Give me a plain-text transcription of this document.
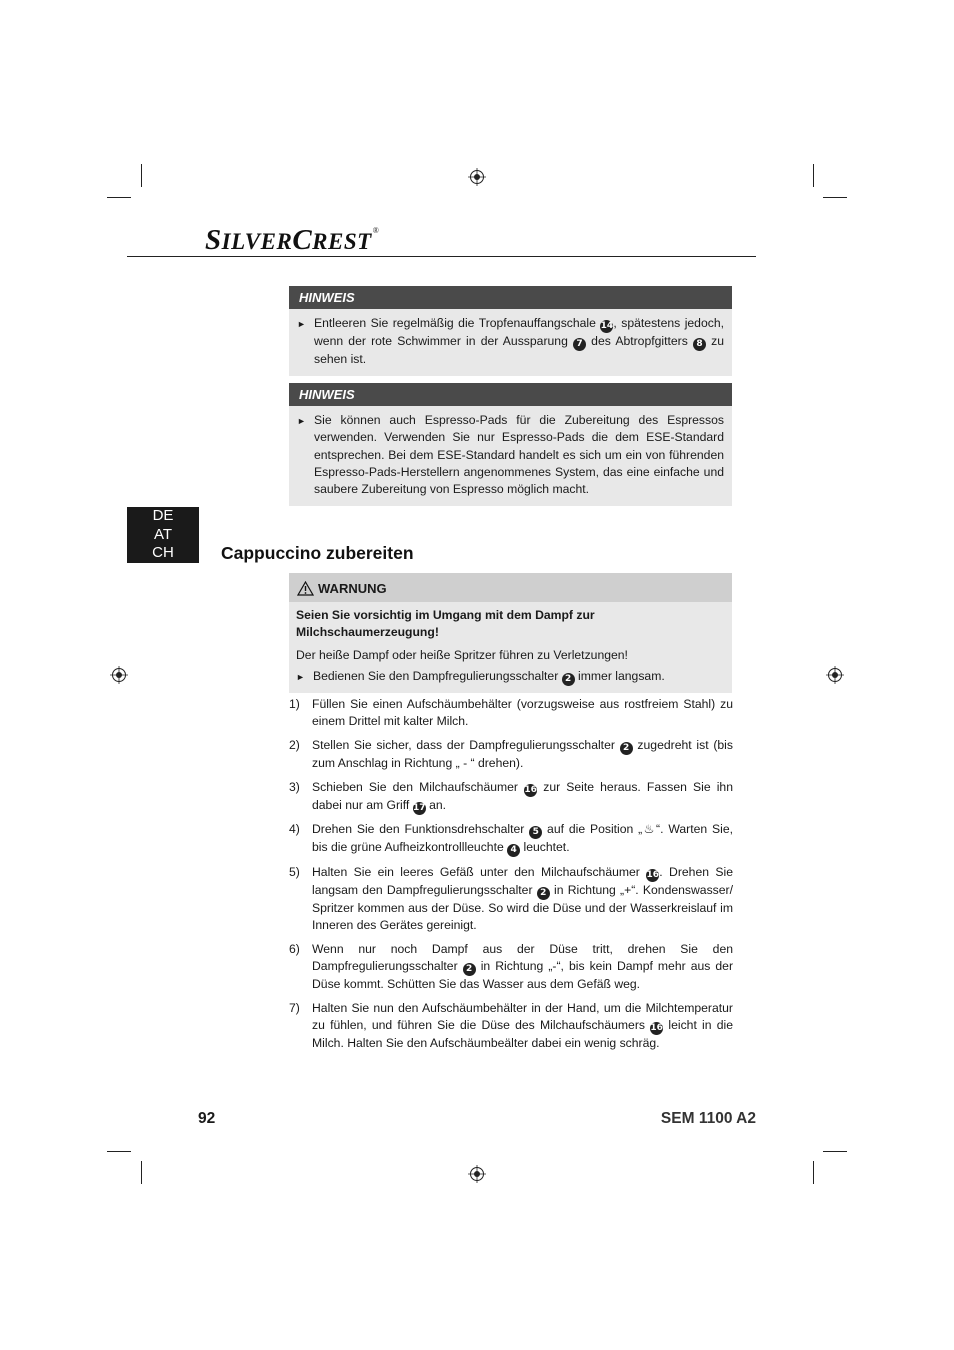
SILVERCREST®
HINWEIS
► Entleeren Sie regelmäßig die Tropfenauffangschale 14, spätestens jedoch, wenn der rote Schwimmer in der Aussparung 7 des Abtropfgitters 8 zu sehen ist.
HINWEIS
► Sie können auch Espresso-Pads für die Zubereitung des Espressos verwenden. Verwenden Sie nur Espresso-Pads die dem ESE-Standard entsprechen. Bei dem ESE-Standard handelt es sich um ein von führenden Espresso-Pads-Herstellern angenommenes System, das eine einfache und saubere Zubereitung von Espresso möglich macht.
DE
AT
CH	Cappuccino zubereiten
WARNUNG
Seien Sie vorsichtig im Umgang mit dem Dampf zur Milchschaumerzeugung!
Der heiße Dampf oder heiße Spritzer führen zu Verletzungen!
► Bedienen Sie den Dampfregulierungsschalter 2 immer langsam.
1) Füllen Sie einen Aufschäumbehälter (vorzugsweise aus rostfreiem Stahl) zu einem Drittel mit kalter Milch.
2) Stellen Sie sicher, dass der Dampfregulierungsschalter 2 zugedreht ist (bis zum Anschlag in Richtung „ - “ drehen).
3) Schieben Sie den Milchaufschäumer 16 zur Seite heraus. Fassen Sie ihn dabei nur am Griff 17 an.
4) Drehen Sie den Funktionsdrehschalter 5 auf die Position „♨“. Warten Sie, bis die grüne Aufheizkontrollleuchte 4 leuchtet.
5) Halten Sie ein leeres Gefäß unter den Milchaufschäumer 16. Drehen Sie langsam den Dampfregulierungsschalter 2 in Richtung „+“. Kondenswasser/ Spritzer kommen aus der Düse. So wird die Düse und der Wasserkreislauf im Inneren des Gerätes gereinigt.
6) Wenn nur noch Dampf aus der Düse tritt, drehen Sie den Dampfregulierungsschalter 2 in Richtung „-“, bis kein Dampf mehr aus der Düse kommt. Schütten Sie das Wasser aus dem Gefäß weg.
7) Halten Sie nun den Aufschäumbehälter in der Hand, um die Milchtemperatur zu fühlen, und führen Sie die Düse des Milchaufschäumers 16 leicht in die Milch. Halten Sie den Aufschäumbeälter dabei ein wenig schräg.
92	SEM 1100 A2
